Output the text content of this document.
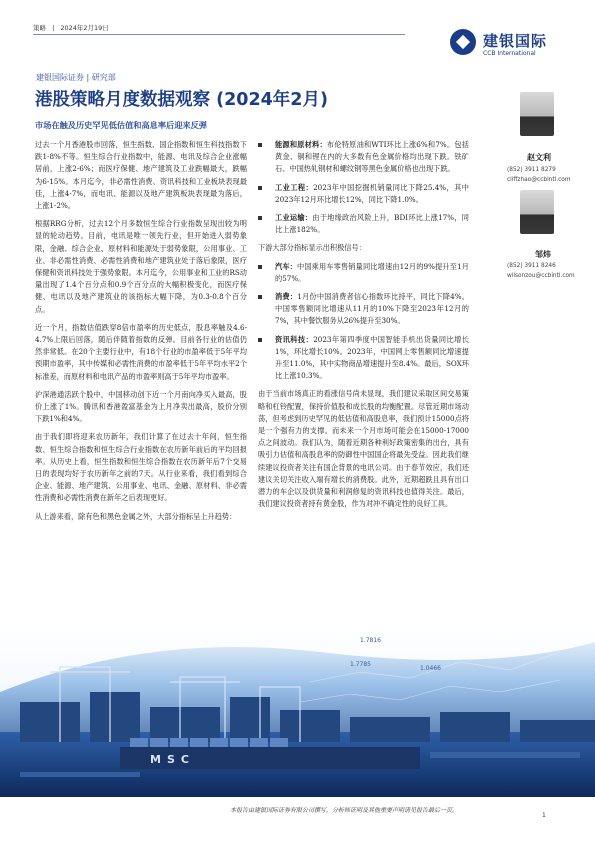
策略 | 2024年2月19日
建银国际
CCB International
建银国际证券 | 研究部
港股策略月度数据观察 (2024年2月)
市场在触及历史罕见低估值和高息率后迎来反弹
赵文利
(852) 3911 8279
cliffzhao@ccbintl.com
邹炜
(852) 3911 8246
wilsonzou@ccbintl.com

过去一个月香港股市回落，恒生指数、国企指数和恒生科技指数下跌1-8%不等。恒生综合行业指数中，能源、电讯及综合企业涨幅居前，上涨2-6%；而医疗保健、地产建筑及工业跌幅最大，跌幅为6-15%。本月迄今，非必需性消费、资讯科技和工业板块表现最佳，上涨4-7%，而电讯、能源以及地产建筑板块表现最为落后，上涨1-2%。

根据RRG分析，过去12个月多数恒生综合行业指数呈现出较为明显的轮动趋势。目前，电讯是唯一领先行业，但开始进入弱势象限，金融、综合企业、原材料和能源处于弱势象限，公用事业、工业、非必需性消费、必需性消费和地产建筑业处于落后象限，医疗保健和资讯科技处于强势象限。本月迄今，公用事业和工业的RS动量出现了1.4个百分点和0.9个百分点的大幅积极变化，而医疗保健、电讯以及地产建筑业的该指标大幅下降，为0.3-0.8个百分点。

近一个月，指数估值跌穿8倍市盈率的历史低点，股息率触及4.6-4.7%上限后回落，随后伴随着指数的反弹。目前各行业的估值仍然非常低。在20个主要行业中，有18个行业的市盈率低于5年平均预期市盈率，其中传媒和必需性消费的市盈率低于5年平均水平2个标准差，而原材料和电讯产品的市盈率则高于5年平均市盈率。

沪深港通活跃个股中，中国移动创下近一个月南向净买入最高，股价上涨了1%。腾讯和香港盈富基金为上月净卖出最高，股价分别下跌1%和4%。

由于我们即将迎来农历新年，我们计算了在过去十年间，恒生指数、恒生综合指数和恒生综合行业指数在农历新年前后的平均回报率。从历史上看，恒生指数和恒生综合指数在农历新年后7个交易日的表现均好于农历新年之前的7天。从行业来看，我们看到综合企业、能源、地产建筑、公用事业、电讯、金融、原材料、非必需性消费和必需性消费在新年之后表现更好。

从上游来看，除有色和黑色金属之外，大部分指标呈上升趋势：

能源和原材料：布伦特原油和WTI环比上涨6%和7%。包括黄金、铜和锂在内的大多数有色金属价格均出现下跌。铁矿石、中国热轧钢材和螺纹钢等黑色金属价格也出现下跌。
工业工程：2023年中国挖掘机销量同比下降25.4%，其中2023年12月环比增长12%，同比下降1.0%。
工业运输：由于地缘政治风险上升，BDI环比上涨17%，同比上涨182%。

下游大部分指标显示出积极信号：

汽车：中国乘用车零售销量同比增速由12月的9%提升至1月的57%。
消费：1月份中国消费者信心指数环比持平，同比下降4%。中国零售额同比增速从11月的10%下降至2023年12月的7%，其中餐饮服务从26%提升至30%。
资讯科技：2023年第四季度中国智能手机出货量同比增长1%，环比增长10%。2023年，中国网上零售额同比增速提升至11.0%，其中实物商品增速提升至8.4%。最后，SOX环比上涨10.3%。

由于当前市场真正的看涨信号尚未显现，我们建议采取区间交易策略和杠铃配置，保持价值股和成长股的均衡配置。尽管近期市场动荡，但考虑到历史罕见的低估值和高股息率，我们预计15000点将是一个强有力的支撑。而未来一个月市场可能会在15000-17000点之间波动。我们认为，随着近期各种利好政策密集的出台，具有吸引力估值和高股息率的防御性中国国企将最先受益。因此我们继续建议投资者关注有国企背景的电讯公司。由于春节效应，我们还建议关切关注收入端有增长的消费股。此外，近期超跌且具有出口潜力的车企以及供货量和利润修复的资讯科技也值得关注。最后，我们建议投资者持有黄金股，作为对冲不确定性的良好工具。

1.7816
1.7785
1.0466
MSC
本报告由建银国际证券有限公司撰写，分析师证明及其他重要声明请见报告最后一页。
1
